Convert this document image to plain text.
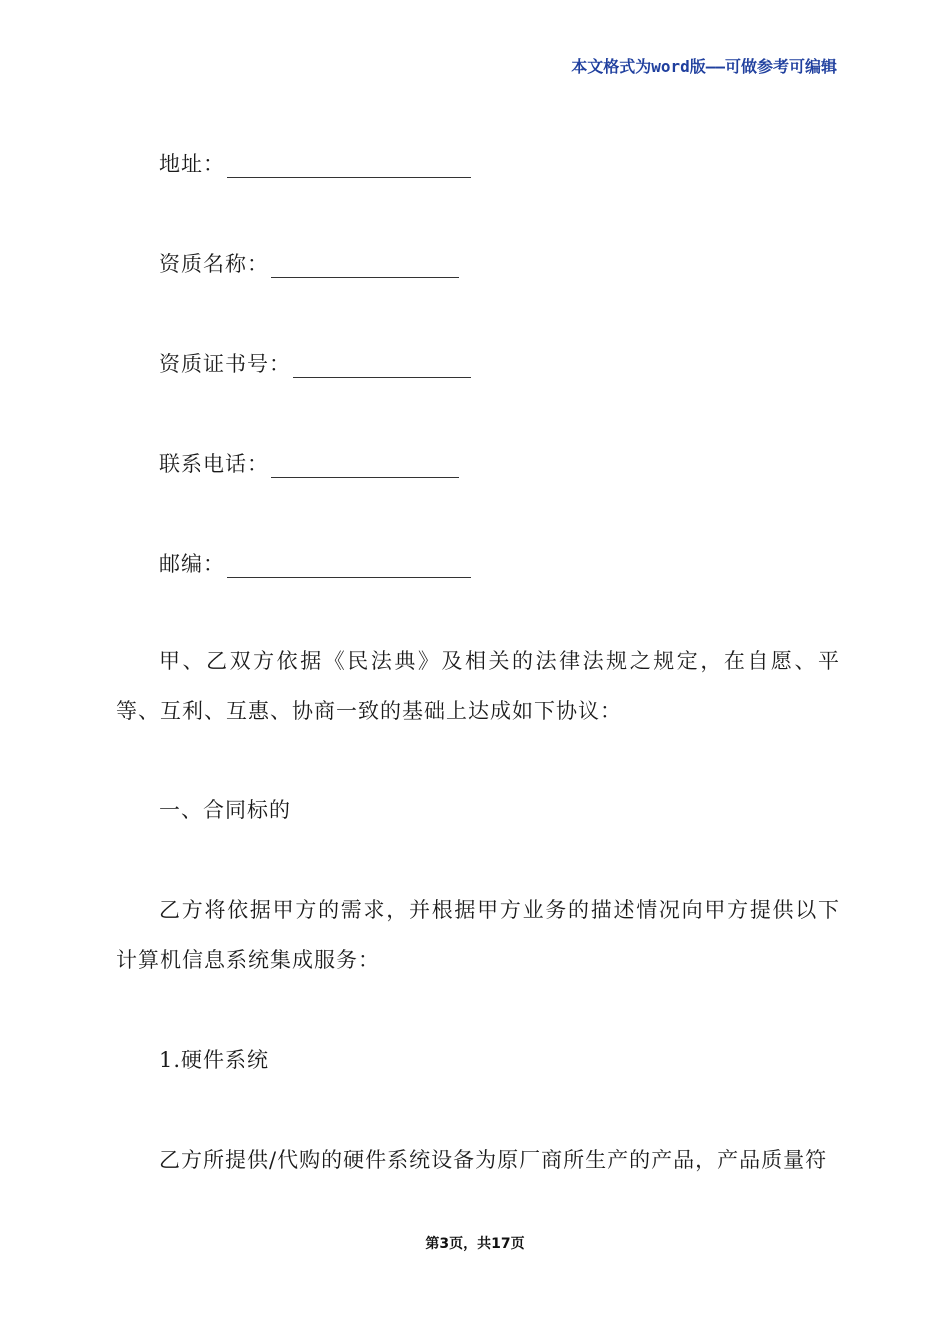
本文格式为word版——可做参考可编辑
地址：
资质名称：
资质证书号：
联系电话：
邮编：
甲、乙双方依据《民法典》及相关的法律法规之规定，在自愿、平等、互利、互惠、协商一致的基础上达成如下协议：
一、合同标的
乙方将依据甲方的需求，并根据甲方业务的描述情况向甲方提供以下计算机信息系统集成服务：
1.硬件系统
乙方所提供/代购的硬件系统设备为原厂商所生产的产品，产品质量符
第3页，共17页
